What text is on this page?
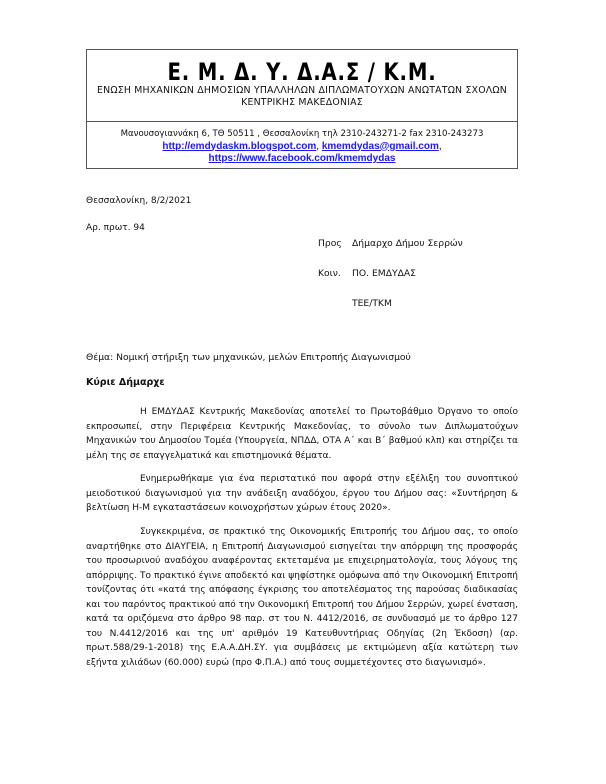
Ε. Μ. Δ. Υ. Δ.Α.Σ / Κ.Μ.
ΕΝΩΣΗ ΜΗΧΑΝΙΚΩΝ ΔΗΜΟΣΙΩΝ ΥΠΑΛΛΗΛΩΝ ΔΙΠΛΩΜΑΤΟΥΧΩΝ ΑΝΩΤΑΤΩΝ ΣΧΟΛΩΝ
ΚΕΝΤΡΙΚΗΣ ΜΑΚΕΔΟΝΙΑΣ
Μανουσογιαννάκη 6, ΤΘ 50511 , Θεσσαλονίκη τηλ 2310-243271-2 fax 2310-243273
http://emdydaskm.blogspot.com, kmemdydas@gmail.com,
https://www.facebook.com/kmemdydas
Θεσσαλονίκη, 8/2/2021
Αρ. πρωτ. 94
Προς Δήμαρχο Δήμου Σερρών
Κοιν. ΠΟ. ΕΜΔΥΔΑΣ
ΤΕΕ/ΤΚΜ
Θέμα: Νομική στήριξη των μηχανικών, μελών Επιτροπής Διαγωνισμού
Κύριε Δήμαρχε
Η ΕΜΔΥΔΑΣ Κεντρικής Μακεδονίας αποτελεί το Πρωτοβάθμιο Όργανο το οποίο εκπροσωπεί, στην Περιφέρεια Κεντρικής Μακεδονίας, το σύνολο των Διπλωματούχων Μηχανικών του Δημοσίου Τομέα (Υπουργεία, ΝΠΔΔ, ΟΤΑ Α΄ και Β΄ βαθμού κλπ) και στηρίζει τα μέλη της σε επαγγελματικά και επιστημονικά θέματα.
Ενημερωθήκαμε για ένα περιστατικό που αφορά στην εξέλιξη του συνοπτικού μειοδοτικού διαγωνισμού για την ανάδειξη αναδόχου, έργου του Δήμου σας: «Συντήρηση & βελτίωση Η-Μ εγκαταστάσεων κοινοχρήστων χώρων έτους 2020».
Συγκεκριμένα, σε πρακτικό της Οικονομικής Επιτροπής του Δήμου σας, το οποίο αναρτήθηκε στο ΔΙΑΥΓΕΙΑ, η Επιτροπή Διαγωνισμού εισηγείται την απόρριψη της προσφοράς του προσωρινού αναδόχου αναφέροντας εκτεταμένα με επιχειρηματολογία, τους λόγους της απόρριψης. Το πρακτικό έγινε αποδεκτό και ψηφίστηκε ομόφωνα από την Οικονομική Επιτροπή τονίζοντας ότι «κατά της απόφασης έγκρισης του αποτελέσματος της παρούσας διαδικασίας και του παρόντος πρακτικού από την Οικονομική Επιτροπή του Δήμου Σερρών, χωρεί ένσταση, κατά τα οριζόμενα στο άρθρο 98 παρ. στ του Ν. 4412/2016, σε συνδυασμό με το άρθρο 127 του Ν.4412/2016 και της υπ' αριθμόν 19 Κατευθυντήριας Οδηγίας (2η Έκδοση) (αρ. πρωτ.588/29-1-2018) της Ε.Α.Α.ΔΗ.ΣΥ. για συμβάσεις με εκτιμώμενη αξία κατώτερη των εξήντα χιλιάδων (60.000) ευρώ (προ Φ.Π.Α.) από τους συμμετέχοντες στο διαγωνισμό».
